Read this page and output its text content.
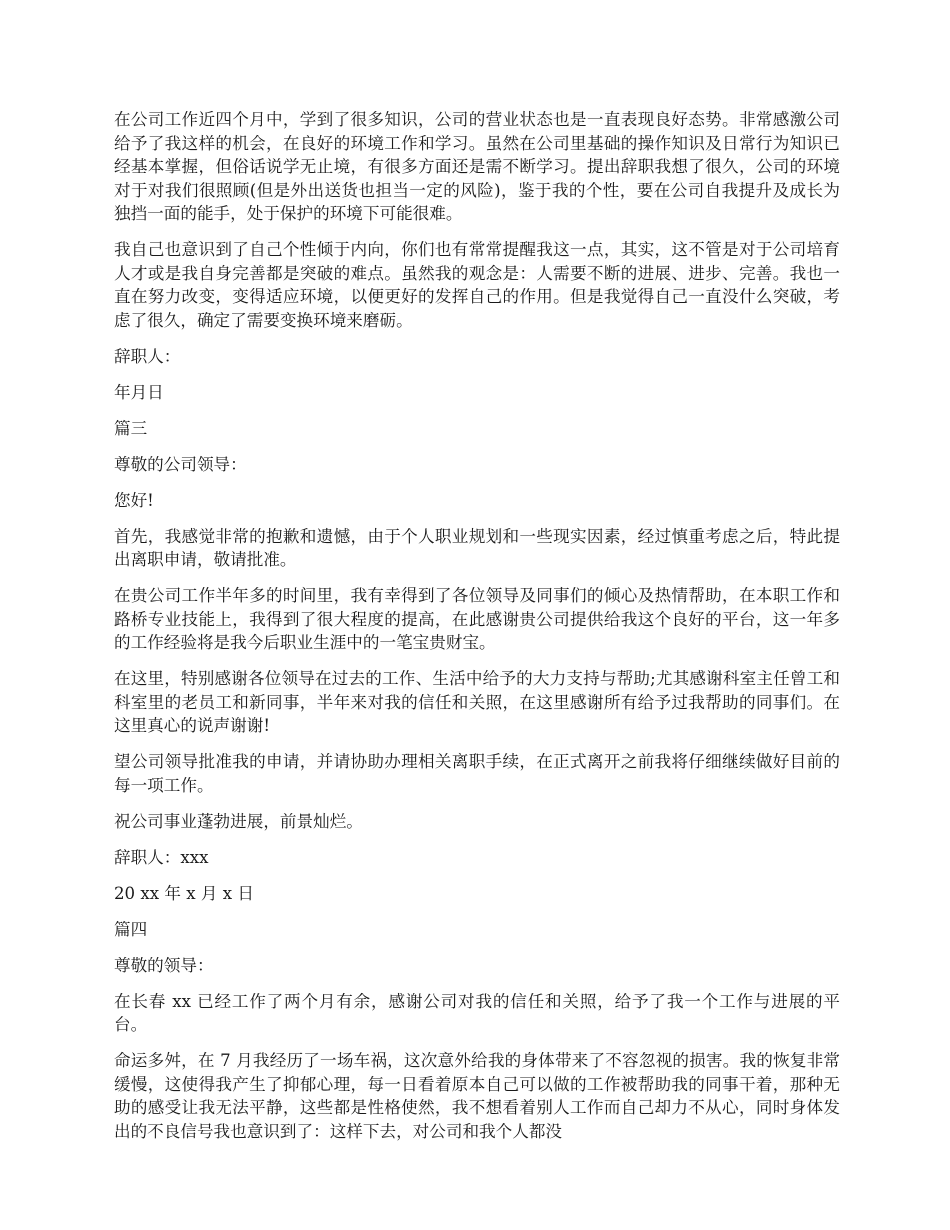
在公司工作近四个月中，学到了很多知识，公司的营业状态也是一直表现良好态势。非常感激公司给予了我这样的机会，在良好的环境工作和学习。虽然在公司里基础的操作知识及日常行为知识已经基本掌握，但俗话说学无止境，有很多方面还是需不断学习。提出辞职我想了很久，公司的环境对于对我们很照顾(但是外出送货也担当一定的风险)，鉴于我的个性，要在公司自我提升及成长为独挡一面的能手，处于保护的环境下可能很难。

我自己也意识到了自己个性倾于内向，你们也有常常提醒我这一点，其实，这不管是对于公司培育人才或是我自身完善都是突破的难点。虽然我的观念是：人需要不断的进展、进步、完善。我也一直在努力改变，变得适应环境，以便更好的发挥自己的作用。但是我觉得自己一直没什么突破，考虑了很久，确定了需要变换环境来磨砺。

辞职人：

年月日

篇三

尊敬的公司领导：

您好!

首先，我感觉非常的抱歉和遗憾，由于个人职业规划和一些现实因素，经过慎重考虑之后，特此提出离职申请，敬请批准。

在贵公司工作半年多的时间里，我有幸得到了各位领导及同事们的倾心及热情帮助，在本职工作和路桥专业技能上，我得到了很大程度的提高，在此感谢贵公司提供给我这个良好的平台，这一年多的工作经验将是我今后职业生涯中的一笔宝贵财宝。

在这里，特别感谢各位领导在过去的工作、生活中给予的大力支持与帮助;尤其感谢科室主任曾工和科室里的老员工和新同事，半年来对我的信任和关照，在这里感谢所有给予过我帮助的同事们。在这里真心的说声谢谢!

望公司领导批准我的申请，并请协助办理相关离职手续，在正式离开之前我将仔细继续做好目前的每一项工作。

祝公司事业蓬勃进展，前景灿烂。

辞职人：xxx

20 xx 年 x 月 x 日

篇四

尊敬的领导：

在长春 xx 已经工作了两个月有余，感谢公司对我的信任和关照，给予了我一个工作与进展的平台。

命运多舛，在 7 月我经历了一场车祸，这次意外给我的身体带来了不容忽视的损害。我的恢复非常缓慢，这使得我产生了抑郁心理，每一日看着原本自己可以做的工作被帮助我的同事干着，那种无助的感受让我无法平静，这些都是性格使然，我不想看着别人工作而自己却力不从心，同时身体发出的不良信号我也意识到了：这样下去，对公司和我个人都没
